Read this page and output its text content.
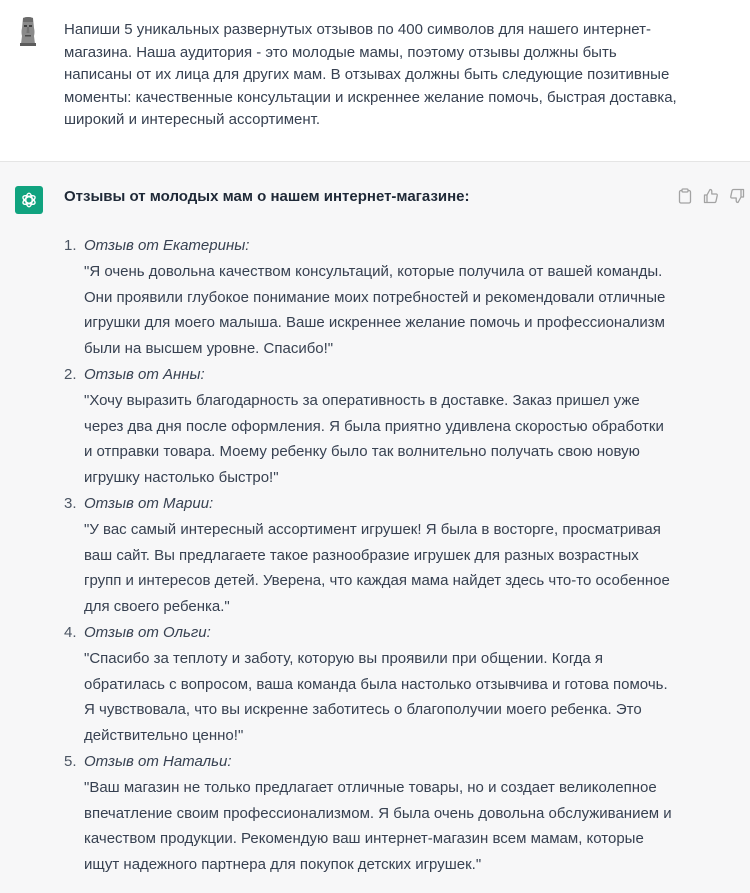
Напиши 5 уникальных развернутых отзывов по 400 символов для нашего интернет-магазина. Наша аудитория - это молодые мамы, поэтому отзывы должны быть написаны от их лица для других мам. В отзывах должны быть следующие позитивные моменты: качественные консультации и искреннее желание помочь, быстрая доставка, широкий и интересный ассортимент.

Отзывы от молодых мам о нашем интернет-магазине:
1. Отзыв от Екатерины:
"Я очень довольна качеством консультаций, которые получила от вашей команды. Они проявили глубокое понимание моих потребностей и рекомендовали отличные игрушки для моего малыша. Ваше искреннее желание помочь и профессионализм были на высшем уровне. Спасибо!"
2. Отзыв от Анны:
"Хочу выразить благодарность за оперативность в доставке. Заказ пришел уже через два дня после оформления. Я была приятно удивлена скоростью обработки и отправки товара. Моему ребенку было так волнительно получать свою новую игрушку настолько быстро!"
3. Отзыв от Марии:
"У вас самый интересный ассортимент игрушек! Я была в восторге, просматривая ваш сайт. Вы предлагаете такое разнообразие игрушек для разных возрастных групп и интересов детей. Уверена, что каждая мама найдет здесь что-то особенное для своего ребенка."
4. Отзыв от Ольги:
"Спасибо за теплоту и заботу, которую вы проявили при общении. Когда я обратилась с вопросом, ваша команда была настолько отзывчива и готова помочь. Я чувствовала, что вы искренне заботитесь о благополучии моего ребенка. Это действительно ценно!"
5. Отзыв от Натальи:
"Ваш магазин не только предлагает отличные товары, но и создает великолепное впечатление своим профессионализмом. Я была очень довольна обслуживанием и качеством продукции. Рекомендую ваш интернет-магазин всем мамам, которые ищут надежного партнера для покупок детских игрушек."
